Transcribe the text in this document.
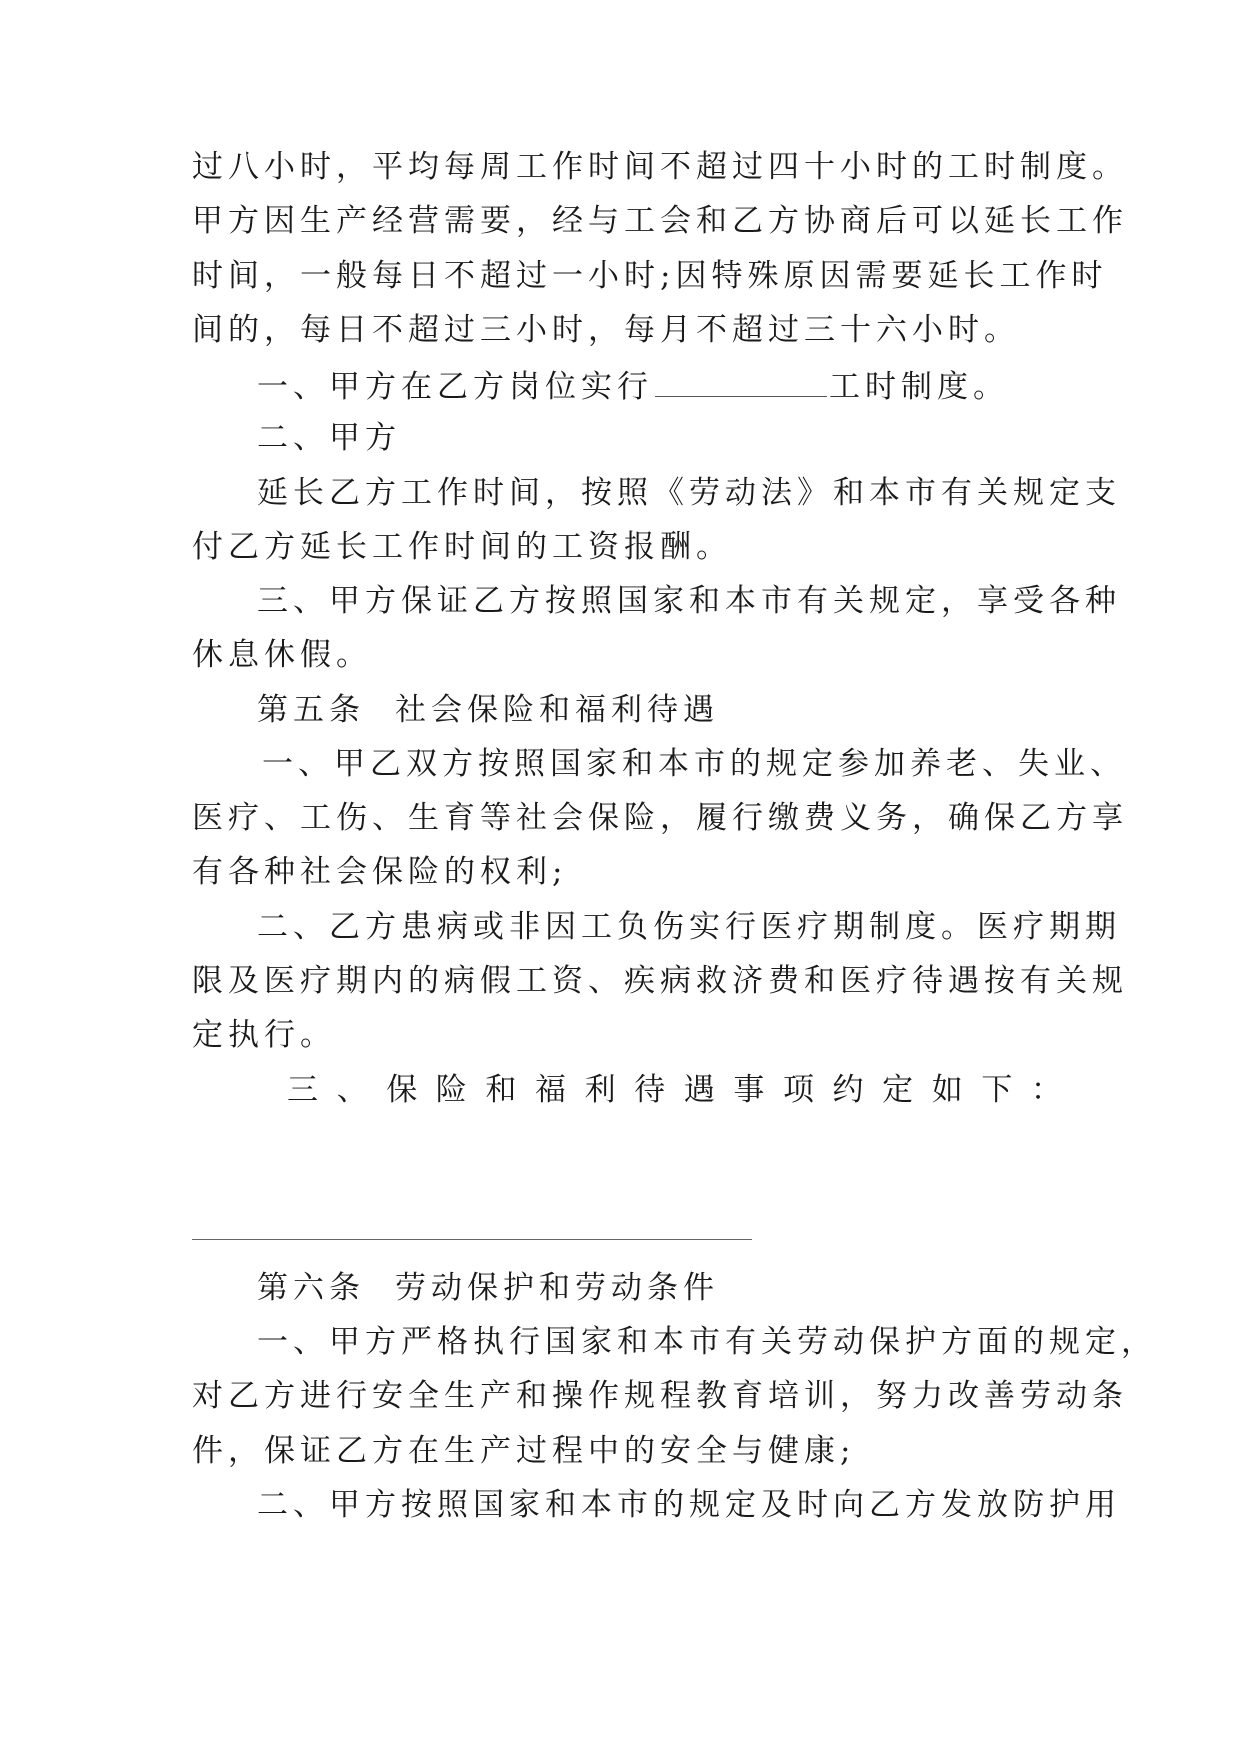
过八小时，平均每周工作时间不超过四十小时的工时制度。
甲方因生产经营需要，经与工会和乙方协商后可以延长工作
时间，一般每日不超过一小时;因特殊原因需要延长工作时
间的，每日不超过三小时，每月不超过三十六小时。
一、甲方在乙方岗位实行	工时制度。
二、甲方
延长乙方工作时间，按照《劳动法》和本市有关规定支
付乙方延长工作时间的工资报酬。
三、甲方保证乙方按照国家和本市有关规定，享受各种
休息休假。
第五条 社会保险和福利待遇
一、甲乙双方按照国家和本市的规定参加养老、失业、
医疗、工伤、生育等社会保险，履行缴费义务，确保乙方享
有各种社会保险的权利;
二、乙方患病或非因工负伤实行医疗期制度。医疗期期
限及医疗期内的病假工资、疾病救济费和医疗待遇按有关规
定执行。
三 、 保 险 和 福 利 待 遇 事 项 约 定 如 下 ：
第六条 劳动保护和劳动条件
一、甲方严格执行国家和本市有关劳动保护方面的规定，
对乙方进行安全生产和操作规程教育培训，努力改善劳动条
件，保证乙方在生产过程中的安全与健康;
二、甲方按照国家和本市的规定及时向乙方发放防护用
